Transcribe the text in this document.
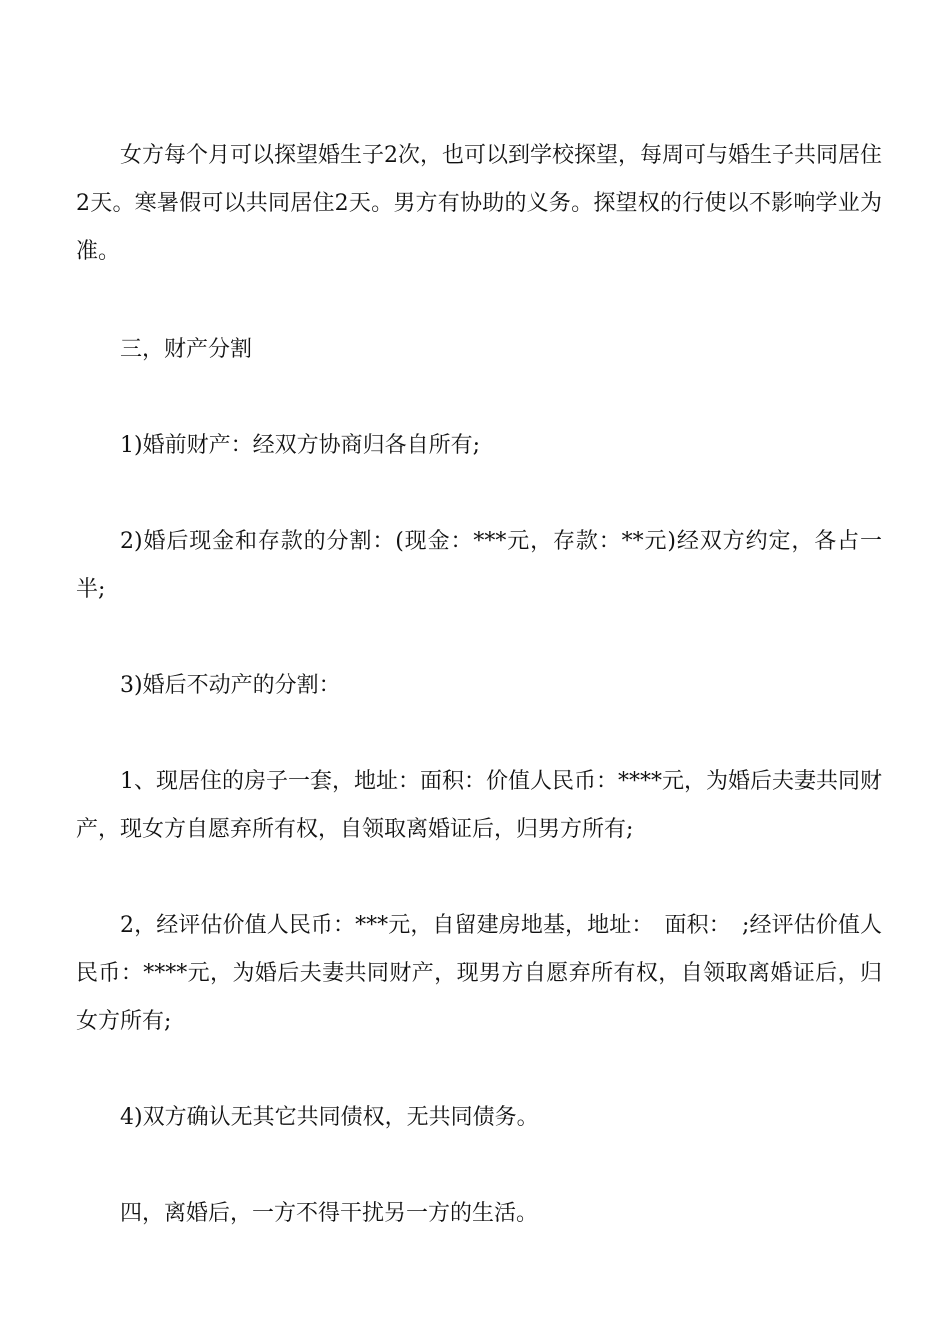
女方每个月可以探望婚生子2次，也可以到学校探望，每周可与婚生子共同居住2天。寒暑假可以共同居住2天。男方有协助的义务。探望权的行使以不影响学业为准。

三，财产分割

1)婚前财产：经双方协商归各自所有;

2)婚后现金和存款的分割：(现金：***元，存款：**元)经双方约定，各占一半;

3)婚后不动产的分割：

1、现居住的房子一套，地址：面积：价值人民币：****元，为婚后夫妻共同财产，现女方自愿弃所有权，自领取离婚证后，归男方所有;

2，经评估价值人民币：***元，自留建房地基，地址：　面积：　;经评估价值人民币：****元，为婚后夫妻共同财产，现男方自愿弃所有权，自领取离婚证后，归女方所有;

4)双方确认无其它共同债权，无共同债务。

四，离婚后，一方不得干扰另一方的生活。
